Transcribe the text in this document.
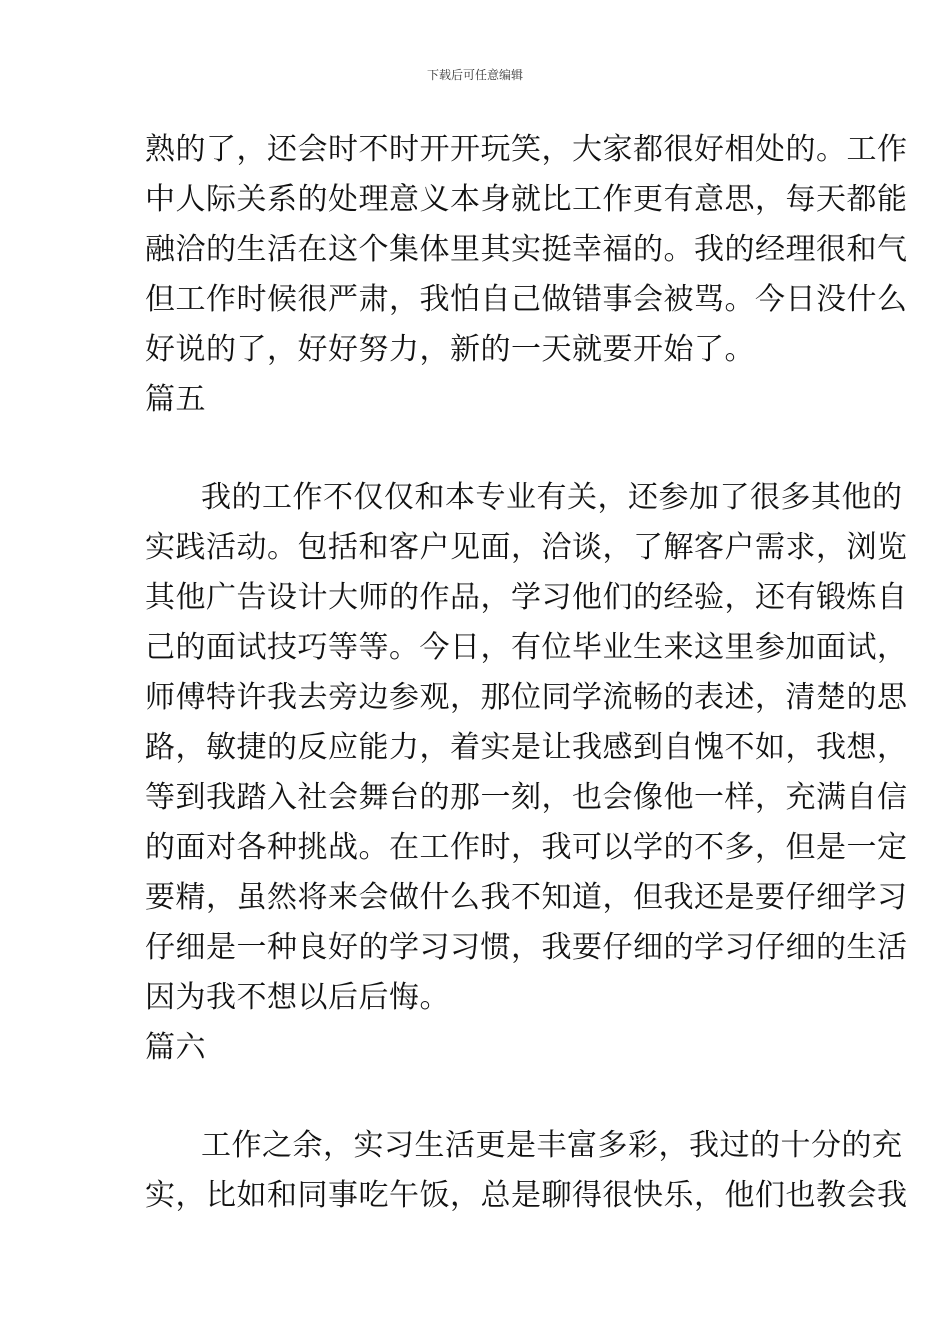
下载后可任意编辑
熟的了，还会时不时开开玩笑，大家都很好相处的。工作
中人际关系的处理意义本身就比工作更有意思，每天都能
融洽的生活在这个集体里其实挺幸福的。我的经理很和气
但工作时候很严肃，我怕自己做错事会被骂。今日没什么
好说的了，好好努力，新的一天就要开始了。
篇五
我的工作不仅仅和本专业有关，还参加了很多其他的
实践活动。包括和客户见面，洽谈，了解客户需求，浏览
其他广告设计大师的作品，学习他们的经验，还有锻炼自
己的面试技巧等等。今日，有位毕业生来这里参加面试，
师傅特许我去旁边参观，那位同学流畅的表述，清楚的思
路，敏捷的反应能力，着实是让我感到自愧不如，我想，
等到我踏入社会舞台的那一刻，也会像他一样，充满自信
的面对各种挑战。在工作时，我可以学的不多，但是一定
要精，虽然将来会做什么我不知道，但我还是要仔细学习
仔细是一种良好的学习习惯，我要仔细的学习仔细的生活
因为我不想以后后悔。
篇六
工作之余，实习生活更是丰富多彩，我过的十分的充
实，比如和同事吃午饭，总是聊得很快乐，他们也教会我
